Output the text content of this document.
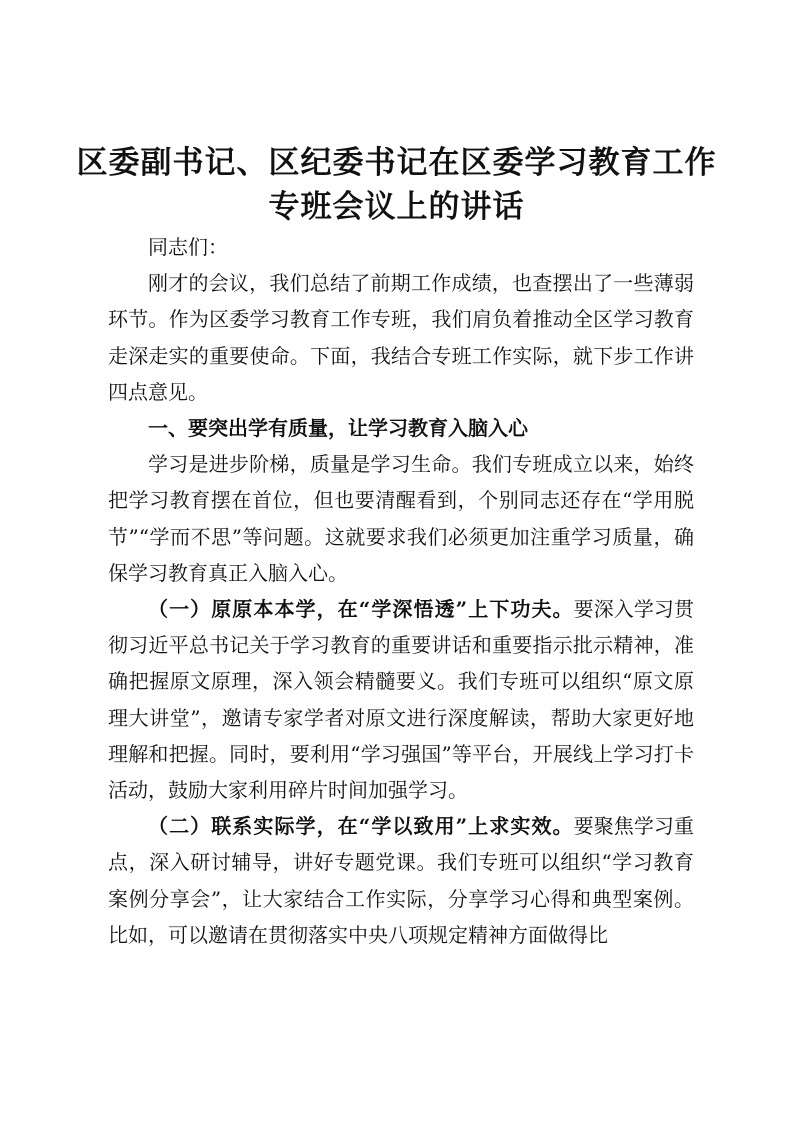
区委副书记、区纪委书记在区委学习教育工作
专班会议上的讲话

同志们：

刚才的会议，我们总结了前期工作成绩，也查摆出了一些薄弱环节。作为区委学习教育工作专班，我们肩负着推动全区学习教育走深走实的重要使命。下面，我结合专班工作实际，就下步工作讲四点意见。

一、要突出学有质量，让学习教育入脑入心

学习是进步阶梯，质量是学习生命。我们专班成立以来，始终把学习教育摆在首位，但也要清醒看到，个别同志还存在“学用脱节”“学而不思”等问题。这就要求我们必须更加注重学习质量，确保学习教育真正入脑入心。

（一）原原本本学，在“学深悟透”上下功夫。要深入学习贯彻习近平总书记关于学习教育的重要讲话和重要指示批示精神，准确把握原文原理，深入领会精髓要义。我们专班可以组织“原文原理大讲堂”，邀请专家学者对原文进行深度解读，帮助大家更好地理解和把握。同时，要利用“学习强国”等平台，开展线上学习打卡活动，鼓励大家利用碎片时间加强学习。

（二）联系实际学，在“学以致用”上求实效。要聚焦学习重点，深入研讨辅导，讲好专题党课。我们专班可以组织“学习教育案例分享会”，让大家结合工作实际，分享学习心得和典型案例。比如，可以邀请在贯彻落实中央八项规定精神方面做得比
